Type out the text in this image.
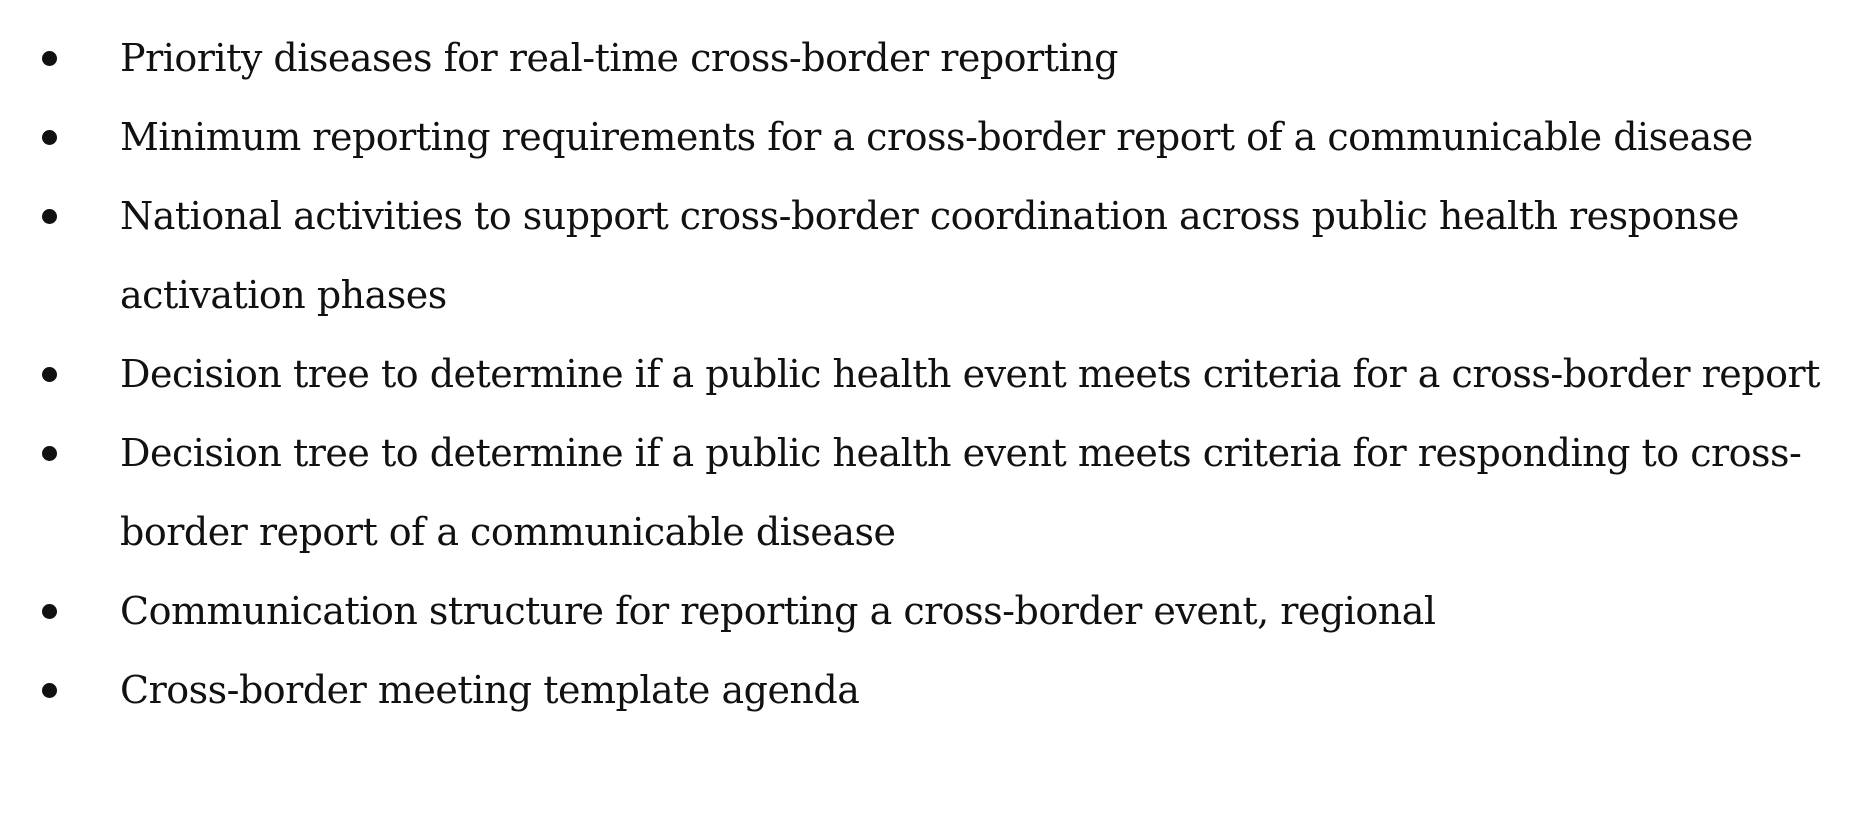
Priority diseases for real-time cross-border reporting
Minimum reporting requirements for a cross-border report of a communicable disease
National activities to support cross-border coordination across public health response activation phases
Decision tree to determine if a public health event meets criteria for a cross-border report
Decision tree to determine if a public health event meets criteria for responding to cross-border report of a communicable disease
Communication structure for reporting a cross-border event, regional
Cross-border meeting template agenda
